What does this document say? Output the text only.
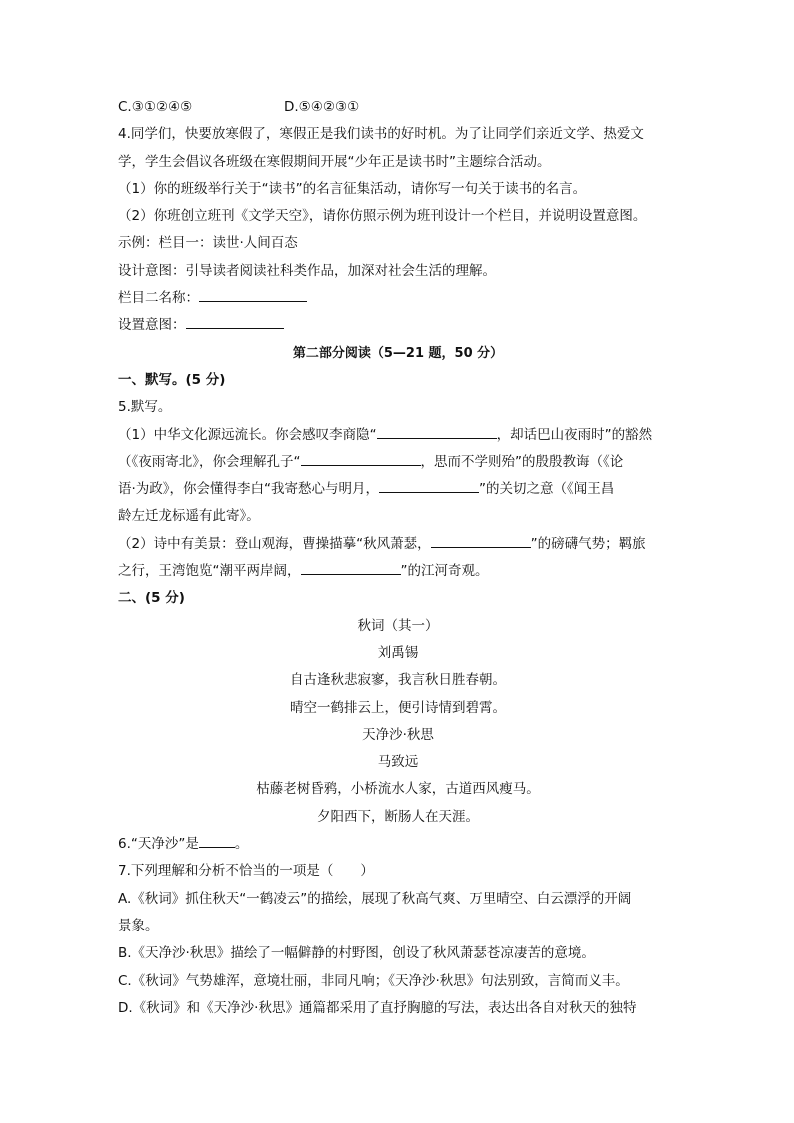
C.③①②④⑤	D.⑤④②③①
4.同学们，快要放寒假了，寒假正是我们读书的好时机。为了让同学们亲近文学、热爱文
学，学生会倡议各班级在寒假期间开展“少年正是读书时”主题综合活动。
（1）你的班级举行关于“读书”的名言征集活动，请你写一句关于读书的名言。
（2）你班创立班刊《文学天空》，请你仿照示例为班刊设计一个栏目，并说明设置意图。
示例：栏目一：读世·人间百态
设计意图：引导读者阅读社科类作品，加深对社会生活的理解。
栏目二名称：
设置意图：
第二部分阅读（5—21 题，50 分）
一、默写。(5 分)
5.默写。
（1）中华文化源远流长。你会感叹李商隐“	，却话巴山夜雨时”的豁然
（《夜雨寄北》，你会理解孔子“	，思而不学则殆”的殷殷教诲（《论
语·为政》，你会懂得李白“我寄愁心与明月，	”的关切之意（《闻王昌
龄左迁龙标遥有此寄》。
（2）诗中有美景：登山观海，曹操描摹“秋风萧瑟，	”的磅礴气势；羁旅
之行，王湾饱览“潮平两岸阔，	”的江河奇观。
二、(5 分)
秋词（其一）
刘禹锡
自古逢秋悲寂寥，我言秋日胜春朝。
晴空一鹤排云上，便引诗情到碧霄。
天净沙·秋思
马致远
枯藤老树昏鸦，小桥流水人家，古道西风瘦马。
夕阳西下，断肠人在天涯。
6.“天净沙”是	。
7.下列理解和分析不恰当的一项是（　　）
A.《秋词》抓住秋天“一鹤凌云”的描绘，展现了秋高气爽、万里晴空、白云漂浮的开阔
景象。
B.《天净沙·秋思》描绘了一幅僻静的村野图，创设了秋风萧瑟苍凉凄苦的意境。
C.《秋词》气势雄浑，意境壮丽，非同凡响；《天净沙·秋思》句法别致，言简而义丰。
D.《秋词》和《天净沙·秋思》通篇都采用了直抒胸臆的写法，表达出各自对秋天的独特
